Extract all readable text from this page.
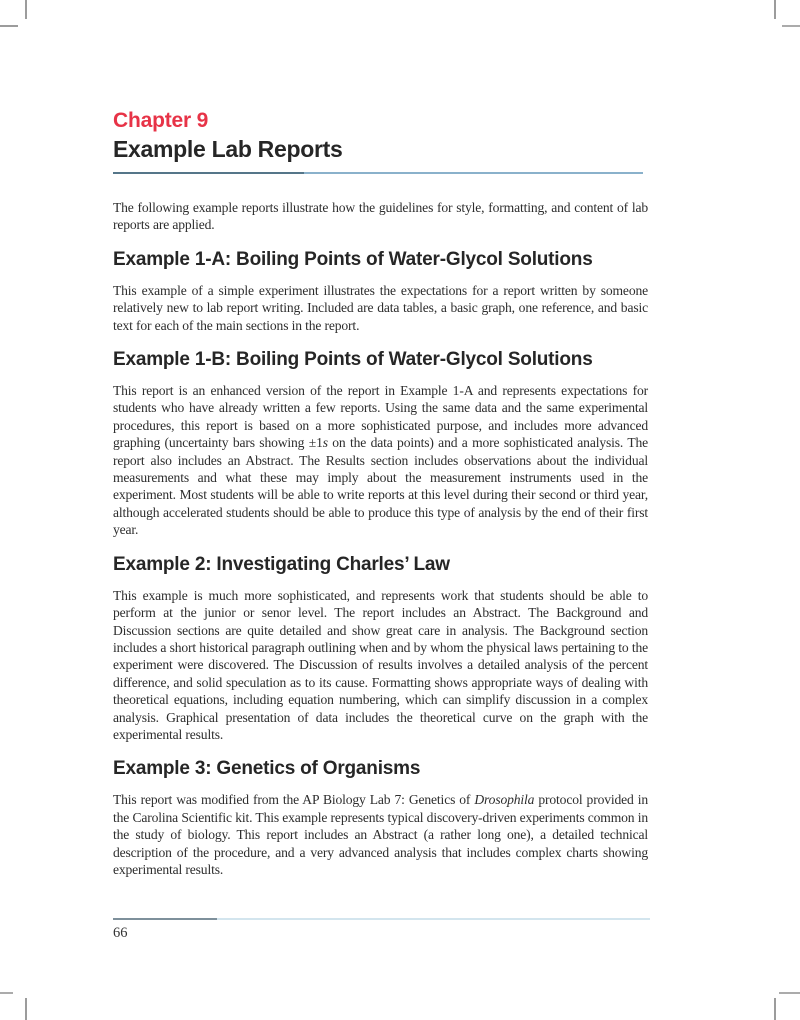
Chapter 9
Example Lab Reports

The following example reports illustrate how the guidelines for style, formatting, and content of lab reports are applied.

Example 1-A: Boiling Points of Water-Glycol Solutions

This example of a simple experiment illustrates the expectations for a report written by someone relatively new to lab report writing. Included are data tables, a basic graph, one reference, and basic text for each of the main sections in the report.

Example 1-B: Boiling Points of Water-Glycol Solutions

This report is an enhanced version of the report in Example 1-A and represents expectations for students who have already written a few reports. Using the same data and the same experimental procedures, this report is based on a more sophisticated purpose, and includes more advanced graphing (uncertainty bars showing ±1s on the data points) and a more sophisticated analysis. The report also includes an Abstract. The Results section includes observations about the individual measurements and what these may imply about the measurement instruments used in the experiment. Most students will be able to write reports at this level during their second or third year, although accelerated students should be able to produce this type of analysis by the end of their first year.

Example 2: Investigating Charles’ Law

This example is much more sophisticated, and represents work that students should be able to perform at the junior or senor level. The report includes an Abstract. The Background and Discussion sections are quite detailed and show great care in analysis. The Background section includes a short historical paragraph outlining when and by whom the physical laws pertaining to the experiment were discovered. The Discussion of results involves a detailed analysis of the percent difference, and solid speculation as to its cause. Formatting shows appropriate ways of dealing with theoretical equations, including equation numbering, which can simplify discussion in a complex analysis. Graphical presentation of data includes the theoretical curve on the graph with the experimental results.

Example 3: Genetics of Organisms

This report was modified from the AP Biology Lab 7: Genetics of Drosophila protocol provided in the Carolina Scientific kit. This example represents typical discovery-driven experiments common in the study of biology. This report includes an Abstract (a rather long one), a detailed technical description of the procedure, and a very advanced analysis that includes complex charts showing experimental results.

66
